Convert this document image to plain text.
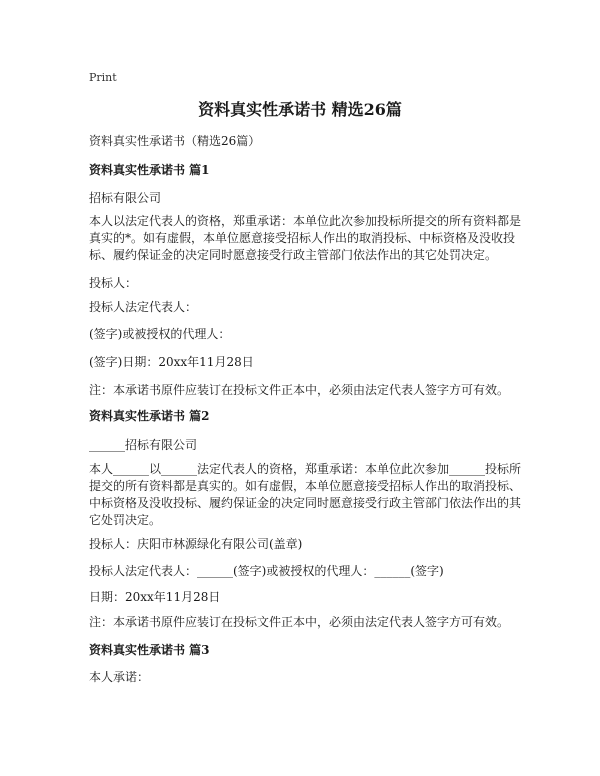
Print
资料真实性承诺书 精选26篇
资料真实性承诺书（精选26篇）
资料真实性承诺书 篇1
招标有限公司
本人以法定代表人的资格，郑重承诺：本单位此次参加投标所提交的所有资料都是
真实的*。如有虚假，本单位愿意接受招标人作出的取消投标、中标资格及没收投
标、履约保证金的决定同时愿意接受行政主管部门依法作出的其它处罚决定。
投标人：
投标人法定代表人：
(签字)或被授权的代理人：
(签字)日期：20xx年11月28日
注：本承诺书原件应装订在投标文件正本中，必须由法定代表人签字方可有效。
资料真实性承诺书 篇2
______招标有限公司
本人______以______法定代表人的资格，郑重承诺：本单位此次参加______投标所
提交的所有资料都是真实的。如有虚假，本单位愿意接受招标人作出的取消投标、
中标资格及没收投标、履约保证金的决定同时愿意接受行政主管部门依法作出的其
它处罚决定。
投标人：庆阳市林源绿化有限公司(盖章)
投标人法定代表人：______(签字)或被授权的代理人：______(签字)
日期：20xx年11月28日
注：本承诺书原件应装订在投标文件正本中，必须由法定代表人签字方可有效。
资料真实性承诺书 篇3
本人承诺：
